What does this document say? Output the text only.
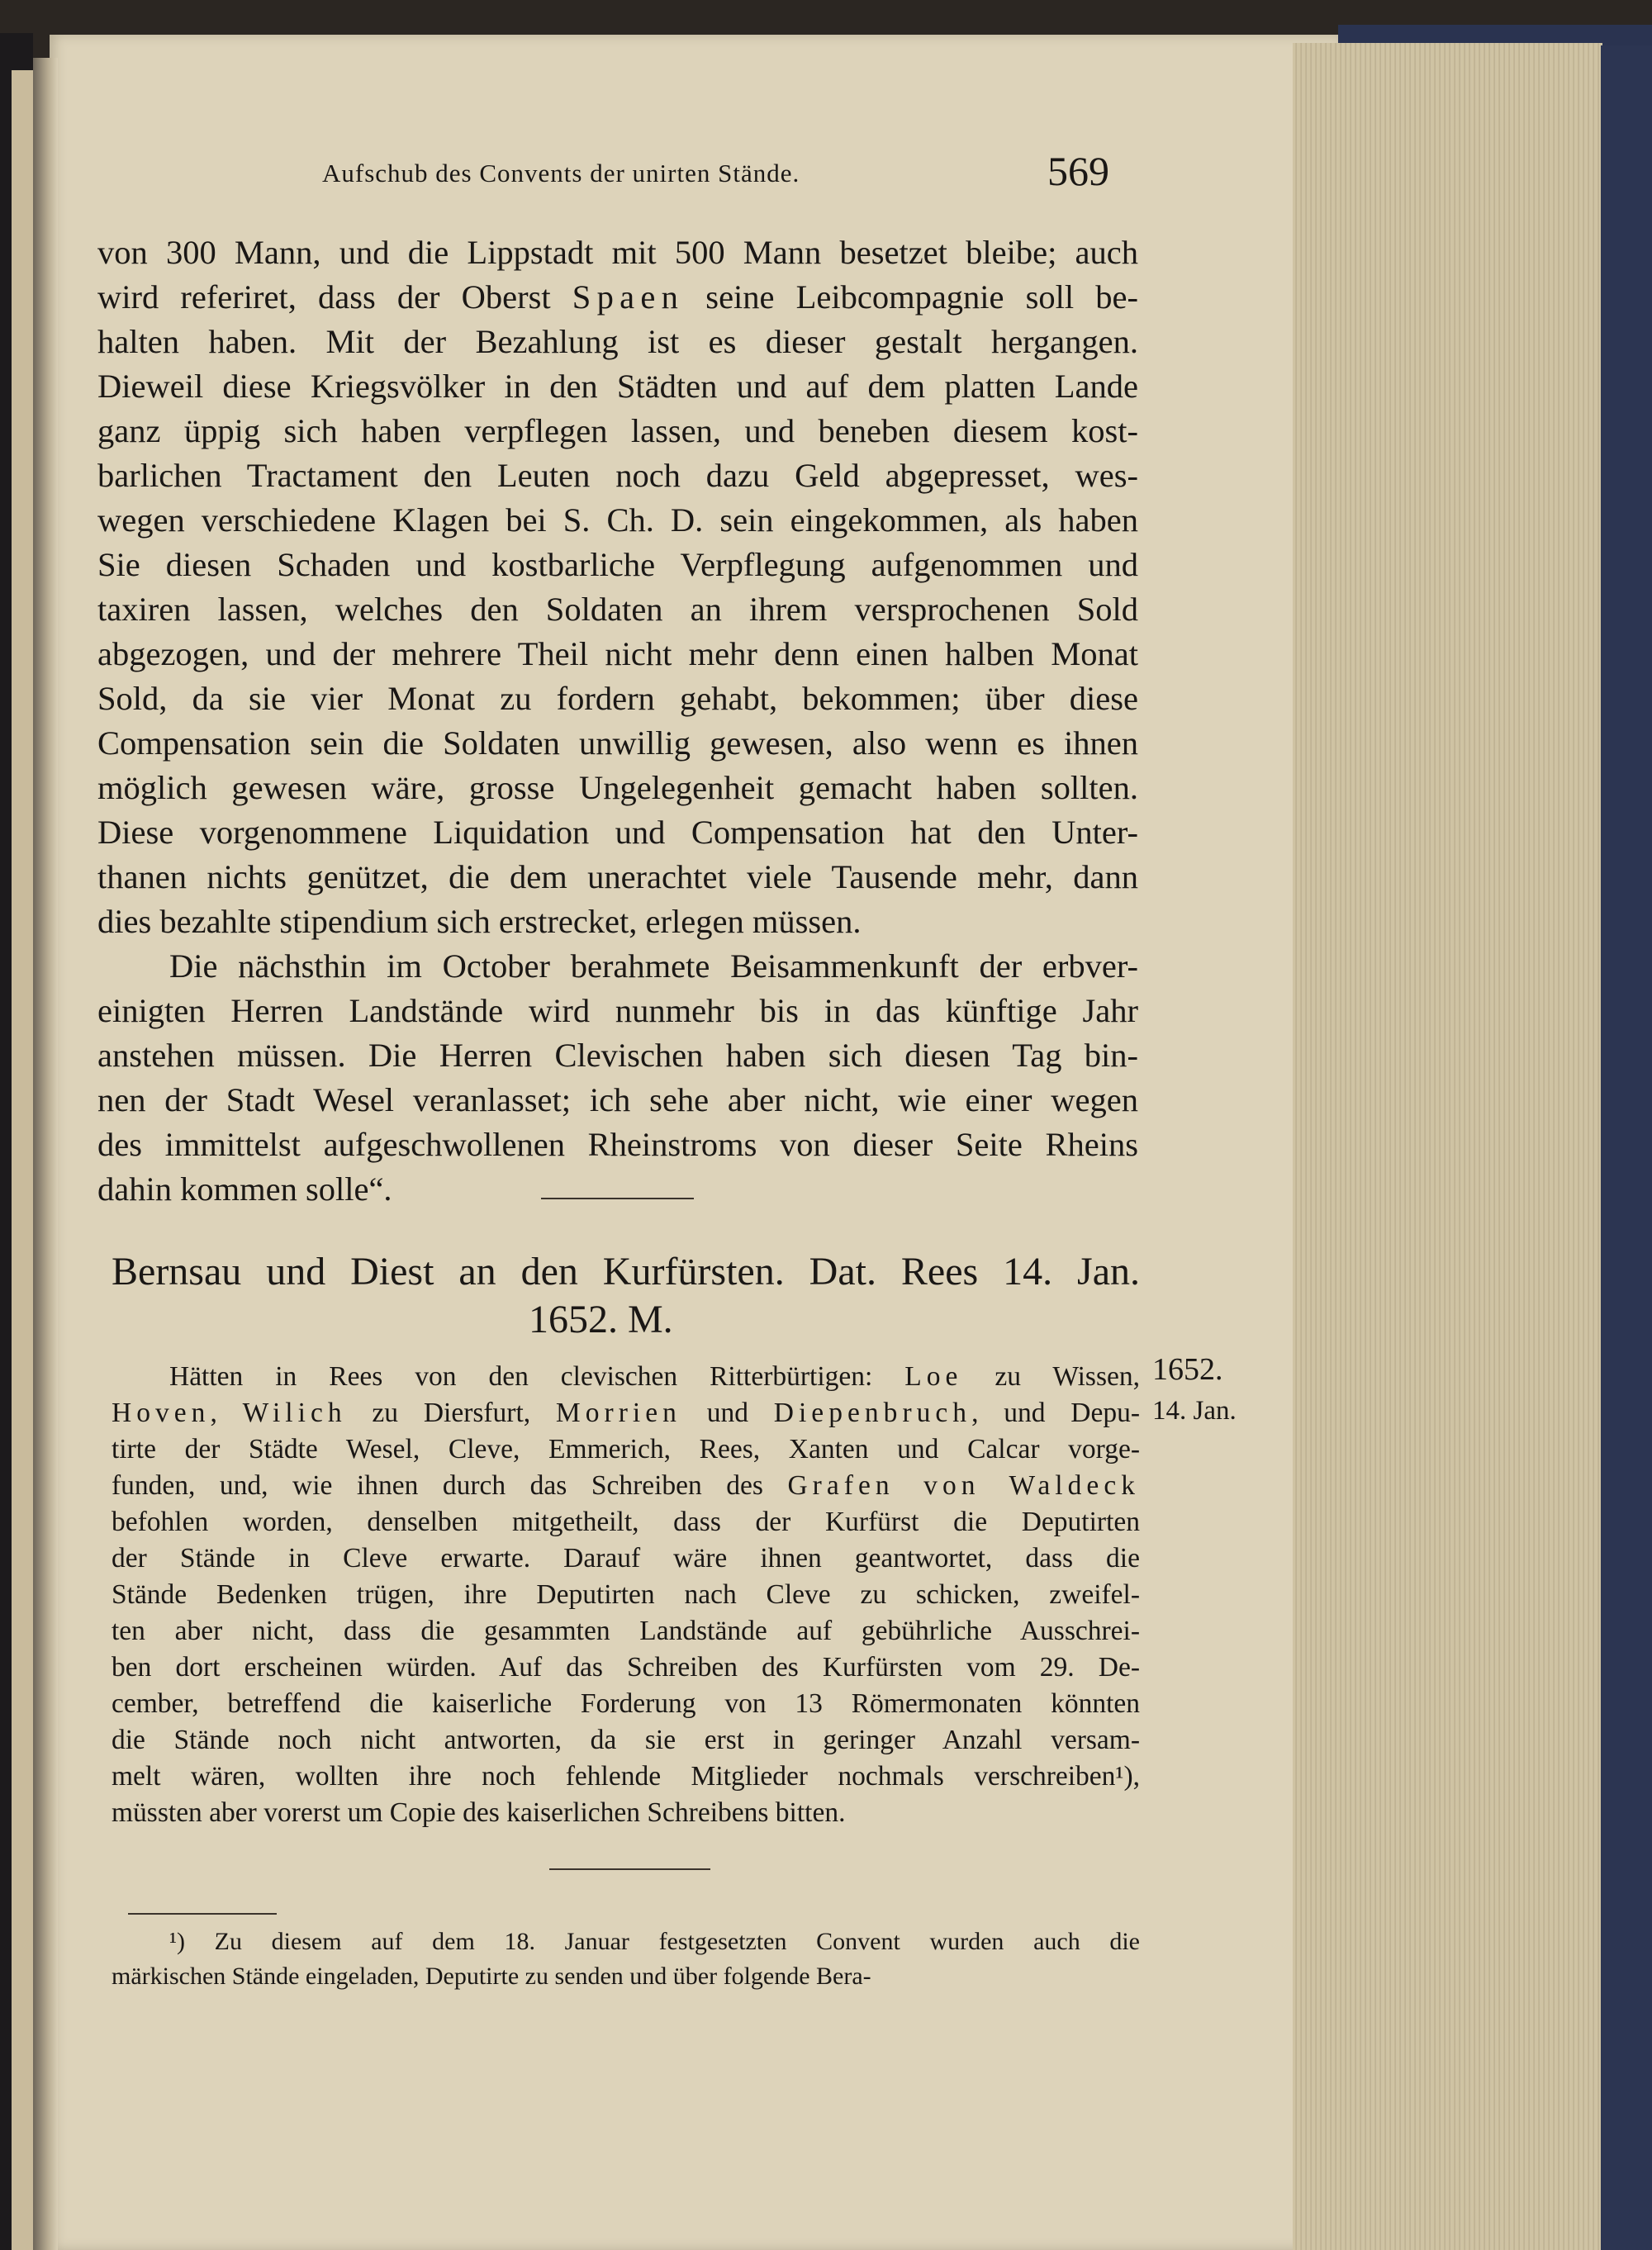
Aufschub des Convents der unirten Stände.	569
von 300 Mann, und die Lippstadt mit 500 Mann besetzet bleibe; auch
wird referiret, dass der Oberst Spaen seine Leibcompagnie soll be-
halten haben. Mit der Bezahlung ist es dieser gestalt hergangen.
Dieweil diese Kriegsvölker in den Städten und auf dem platten Lande
ganz üppig sich haben verpflegen lassen, und beneben diesem kost-
barlichen Tractament den Leuten noch dazu Geld abgepresset, wes-
wegen verschiedene Klagen bei S. Ch. D. sein eingekommen, als haben
Sie diesen Schaden und kostbarliche Verpflegung aufgenommen und
taxiren lassen, welches den Soldaten an ihrem versprochenen Sold
abgezogen, und der mehrere Theil nicht mehr denn einen halben Monat
Sold, da sie vier Monat zu fordern gehabt, bekommen; über diese
Compensation sein die Soldaten unwillig gewesen, also wenn es ihnen
möglich gewesen wäre, grosse Ungelegenheit gemacht haben sollten.
Diese vorgenommene Liquidation und Compensation hat den Unter-
thanen nichts genützet, die dem unerachtet viele Tausende mehr, dann
dies bezahlte stipendium sich erstrecket, erlegen müssen.
Die nächsthin im October berahmete Beisammenkunft der erbver-
einigten Herren Landstände wird nunmehr bis in das künftige Jahr
anstehen müssen. Die Herren Clevischen haben sich diesen Tag bin-
nen der Stadt Wesel veranlasset; ich sehe aber nicht, wie einer wegen
des immittelst aufgeschwollenen Rheinstroms von dieser Seite Rheins
dahin kommen solle“.
Bernsau und Diest an den Kurfürsten. Dat. Rees 14. Jan.
1652. M.
1652.
14. Jan.
Hätten in Rees von den clevischen Ritterbürtigen: Loe zu Wissen,
Hoven, Wilich zu Diersfurt, Morrien und Diepenbruch, und Depu-
tirte der Städte Wesel, Cleve, Emmerich, Rees, Xanten und Calcar vorge-
funden, und, wie ihnen durch das Schreiben des Grafen von Waldeck
befohlen worden, denselben mitgetheilt, dass der Kurfürst die Deputirten
der Stände in Cleve erwarte. Darauf wäre ihnen geantwortet, dass die
Stände Bedenken trügen, ihre Deputirten nach Cleve zu schicken, zweifel-
ten aber nicht, dass die gesammten Landstände auf gebührliche Ausschrei-
ben dort erscheinen würden. Auf das Schreiben des Kurfürsten vom 29. De-
cember, betreffend die kaiserliche Forderung von 13 Römermonaten könnten
die Stände noch nicht antworten, da sie erst in geringer Anzahl versam-
melt wären, wollten ihre noch fehlende Mitglieder nochmals verschreiben¹),
müssten aber vorerst um Copie des kaiserlichen Schreibens bitten.
¹) Zu diesem auf dem 18. Januar festgesetzten Convent wurden auch die
märkischen Stände eingeladen, Deputirte zu senden und über folgende Bera-
